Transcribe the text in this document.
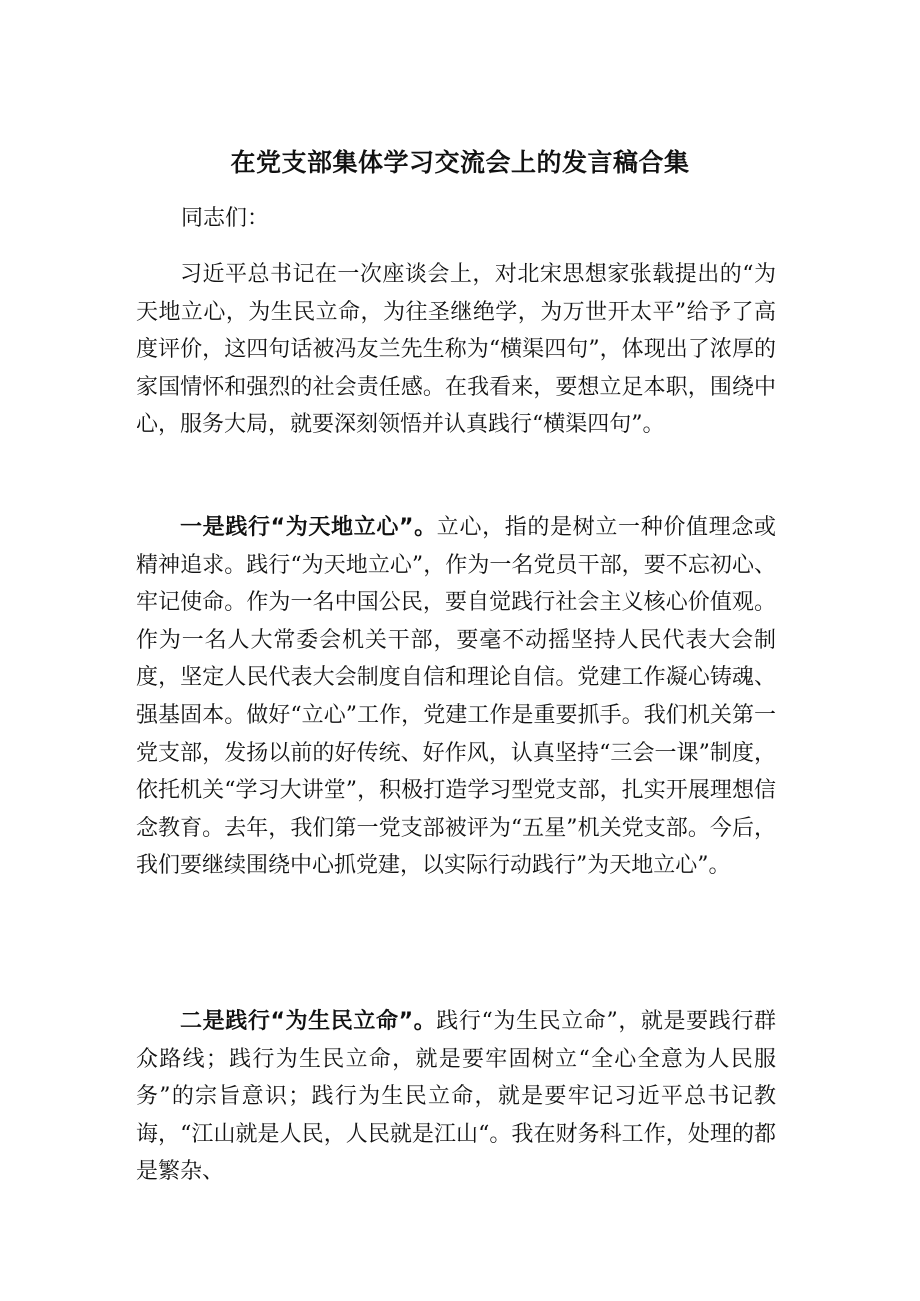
在党支部集体学习交流会上的发言稿合集
同志们：

习近平总书记在一次座谈会上，对北宋思想家张载提出的“为天地立心，为生民立命，为往圣继绝学，为万世开太平”给予了高度评价，这四句话被冯友兰先生称为“横渠四句”，体现出了浓厚的家国情怀和强烈的社会责任感。在我看来，要想立足本职，围绕中心，服务大局，就要深刻领悟并认真践行“横渠四句”。

一是践行“为天地立心”。立心，指的是树立一种价值理念或精神追求。践行“为天地立心”，作为一名党员干部，要不忘初心、牢记使命。作为一名中国公民，要自觉践行社会主义核心价值观。作为一名人大常委会机关干部，要毫不动摇坚持人民代表大会制度，坚定人民代表大会制度自信和理论自信。党建工作凝心铸魂、强基固本。做好“立心”工作，党建工作是重要抓手。我们机关第一党支部，发扬以前的好传统、好作风，认真坚持“三会一课”制度，依托机关“学习大讲堂”，积极打造学习型党支部，扎实开展理想信念教育。去年，我们第一党支部被评为“五星”机关党支部。今后，我们要继续围绕中心抓党建，以实际行动践行”为天地立心”。

二是践行“为生民立命”。践行“为生民立命”，就是要践行群众路线；践行为生民立命，就是要牢固树立“全心全意为人民服务”的宗旨意识；践行为生民立命，就是要牢记习近平总书记教诲，“江山就是人民，人民就是江山“。我在财务科工作，处理的都是繁杂、
